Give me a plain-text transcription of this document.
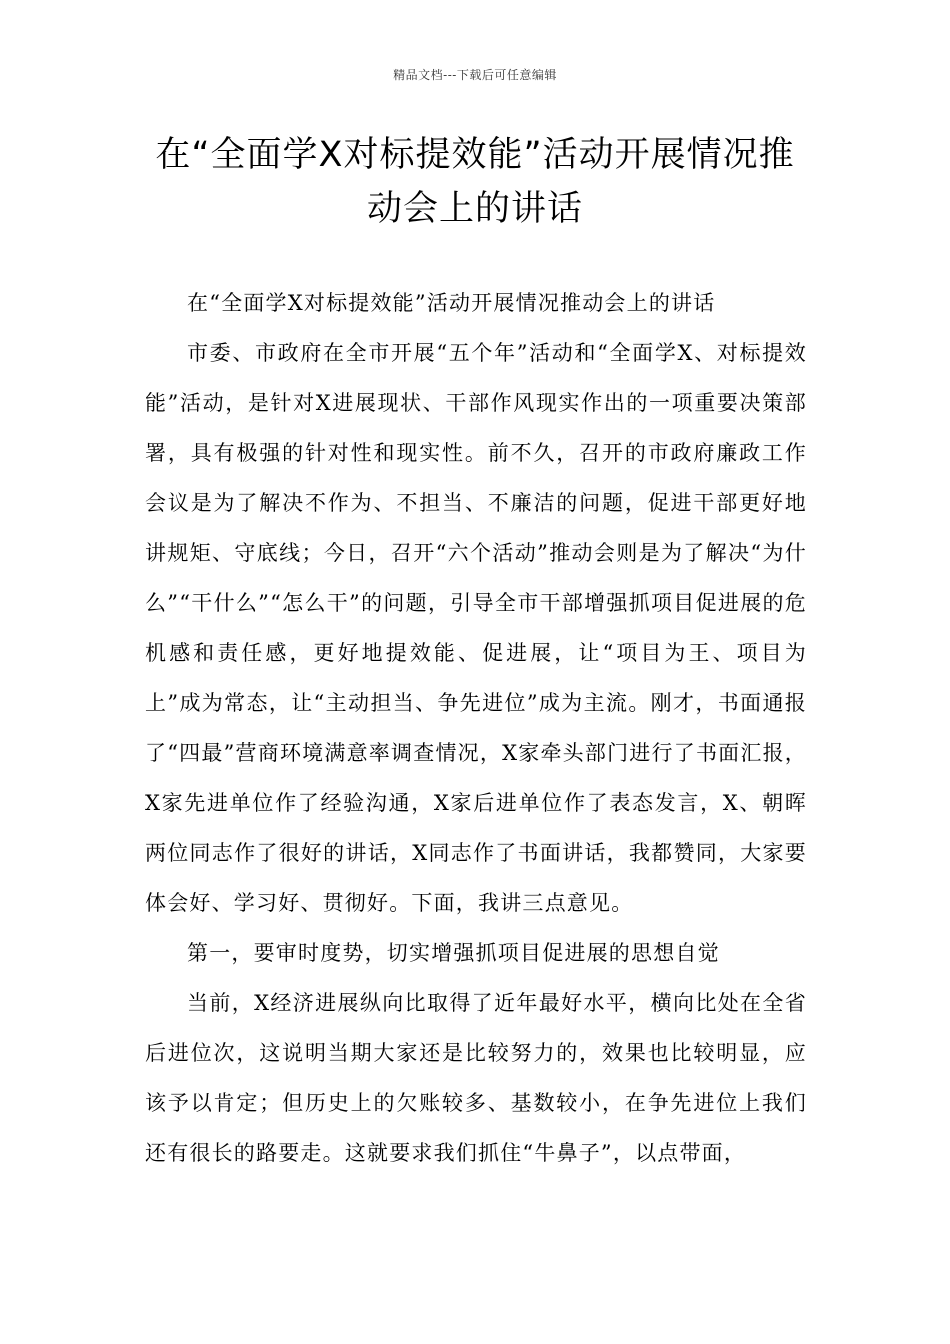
精品文档---下载后可任意编辑
在“全面学X对标提效能”活动开展情况推动会上的讲话

在“全面学X对标提效能”活动开展情况推动会上的讲话

市委、市政府在全市开展“五个年”活动和“全面学X、对标提效能”活动，是针对X进展现状、干部作风现实作出的一项重要决策部署，具有极强的针对性和现实性。前不久，召开的市政府廉政工作会议是为了解决不作为、不担当、不廉洁的问题，促进干部更好地讲规矩、守底线；今日，召开“六个活动”推动会则是为了解决“为什么”“干什么”“怎么干”的问题，引导全市干部增强抓项目促进展的危机感和责任感，更好地提效能、促进展，让“项目为王、项目为上”成为常态，让“主动担当、争先进位”成为主流。刚才，书面通报了“四最”营商环境满意率调查情况，X家牵头部门进行了书面汇报，X家先进单位作了经验沟通，X家后进单位作了表态发言，X、朝晖两位同志作了很好的讲话，X同志作了书面讲话，我都赞同，大家要体会好、学习好、贯彻好。下面，我讲三点意见。

第一，要审时度势，切实增强抓项目促进展的思想自觉

当前，X经济进展纵向比取得了近年最好水平，横向比处在全省后进位次，这说明当期大家还是比较努力的，效果也比较明显，应该予以肯定；但历史上的欠账较多、基数较小，在争先进位上我们还有很长的路要走。这就要求我们抓住“牛鼻子”，以点带面，
